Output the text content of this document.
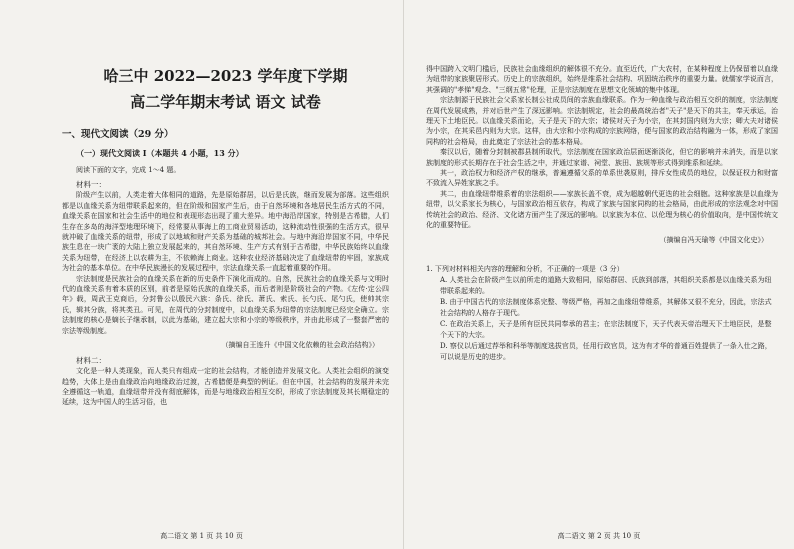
哈三中 2022—2023 学年度下学期
高二学年期末考试 语文 试卷
一、现代文阅读（29 分）
（一）现代文阅读 I（本题共 4 小题，13 分）
阅读下面的文字，完成 1～4 题。
材料一：

阶级产生以前，人类走着大体相同的道路，先是原始群居，以后是氏族，继而发展为部落。这些组织都是以血缘关系为纽带联系起来的，但在阶级和国家产生后，由于自然环境和各地居民生活方式的不同，血缘关系在国家和社会生活中的地位和表现形态出现了重大差异。地中海沿岸国家，特别是古希腊，人们生存在多岛的海洋型地理环境下，经常要从事海上的工商业贸易活动，这种流动性很强的生活方式，很早就冲破了血缘关系的纽带，形成了以地域和财产关系为基础的城邦社会。与地中海沿岸国家不同，中华民族生息在一块广袤的大陆上独立发展起来的，其自然环境、生产方式有别于古希腊，中华民族始终以血缘关系为纽带，在经济上以农耕为主，不依赖海上商业。这种农业经济基础决定了血缘纽带的牢固，家族成为社会的基本单位。在中华民族漫长的发展过程中，宗法血缘关系一直起着重要的作用。

宗法制度是民族社会的血缘关系在新的历史条件下演化而成的。自然，民族社会的血缘关系与文明时代的血缘关系有着本质的区别，前者是原始氏族的血缘关系，而后者则是阶级社会的产物。《左传·定公四年》载，周武王克商后，分封鲁公以殷民六族：条氏、徐氏、萧氏、索氏、长勺氏、尾勺氏，使帅其宗氏，辑其分族，将其类丑。可见，在周代的分封制度中，以血缘关系为纽带的宗法制度已经完全确立。宗法制度的核心是嫡长子继承制，以此为基础，建立起大宗和小宗的等级秩序，并由此形成了一整套严密的宗法等级制度。

（摘编自王连升《中国文化依赖的社会政治结构》）
材料二：

文化是一种人类现象，而人类只有组成一定的社会结构，才能创造并发展文化。人类社会组织的演变趋势，大体上是由血缘政治向地缘政治过渡，古希腊便是典型的例证。但在中国，社会结构的发展并未完全遵循这一轨道，血缘纽带并没有彻底解体，而是与地缘政治相互交织，形成了宗法制度及其长期稳定的延续，这为中国人的生活习俗，也

高二语文 第 1 页 共 10 页

得中国跨入文明门槛后，民族社会血缘组织的解体很不充分。直至近代，广大农村，在某种程度上仍保留着以血缘为纽带的家族聚居形式。历史上的宗族组织，始终是维系社会结构、巩固统治秩序的重要力量。就儒家学说而言，其强调的"孝悌"观念、"三纲五常"伦理，正是宗法制度在思想文化领域的集中体现。

宗法制源于民族社会父系家长制公社成员间的亲族血缘联系。作为一种血缘与政治相互交织的制度，宗法制度在周代发展成熟，并对后世产生了深远影响。宗法制规定，社会的最高统治者"天子"是天下的共主，奉天承运，治理天下土地臣民。以血缘关系而论，天子是天下的大宗；诸侯对天子为小宗，在其封国内则为大宗；卿大夫对诸侯为小宗，在其采邑内则为大宗。这样，由大宗和小宗构成的宗族网络，便与国家的政治结构融为一体，形成了家国同构的社会格局，由此奠定了宗法社会的基本格局。

秦汉以后，随着分封制被郡县制所取代，宗法制度在国家政治层面逐渐淡化，但它的影响并未消失，而是以家族制度的形式长期存在于社会生活之中，并通过家谱、祠堂、族田、族规等形式得到维系和延续。

其一，政治权力和经济产权的继承，普遍遵循父系的单系世袭原则，排斥女性成员的地位，以保证权力和财富不致流入异姓家族之手。

其二，由血缘纽带维系着的宗法组织——家族长盖不衰，成为超越朝代更迭的社会细胞。这种家族是以血缘为纽带，以父系家长为核心，与国家政治相互依存，构成了家族与国家同构的社会格局，由此形成的宗法观念对中国传统社会的政治、经济、文化诸方面产生了深远的影响。以家族为本位、以伦理为核心的价值取向，是中国传统文化的重要特征。

（摘编自冯天瑜等《中国文化史》）

1. 下列对材料相关内容的理解和分析，不正确的一项是（3 分）

A. 人类社会在阶级产生以前所走的道路大致相同，原始群居、氏族到部落，其组织关系都是以血缘关系为纽带联系起来的。

B. 由于中国古代的宗法制度体系完整、等级严格，再加之血缘纽带维系，其解体又很不充分，因此，宗法式社会结构的人格存于现代。

C. 在政治关系上，天子是所有臣民共同奉承的君主；在宗法制度下，天子代表天帝治理天下土地臣民，是整个天下的大宗。

D. 察仪以后通过荐举和科举等制度选拔官员，任用行政官员，这为有才华的普通百姓提供了一条入仕之路，可以说是历史的进步。

高二语文 第 2 页 共 10 页
